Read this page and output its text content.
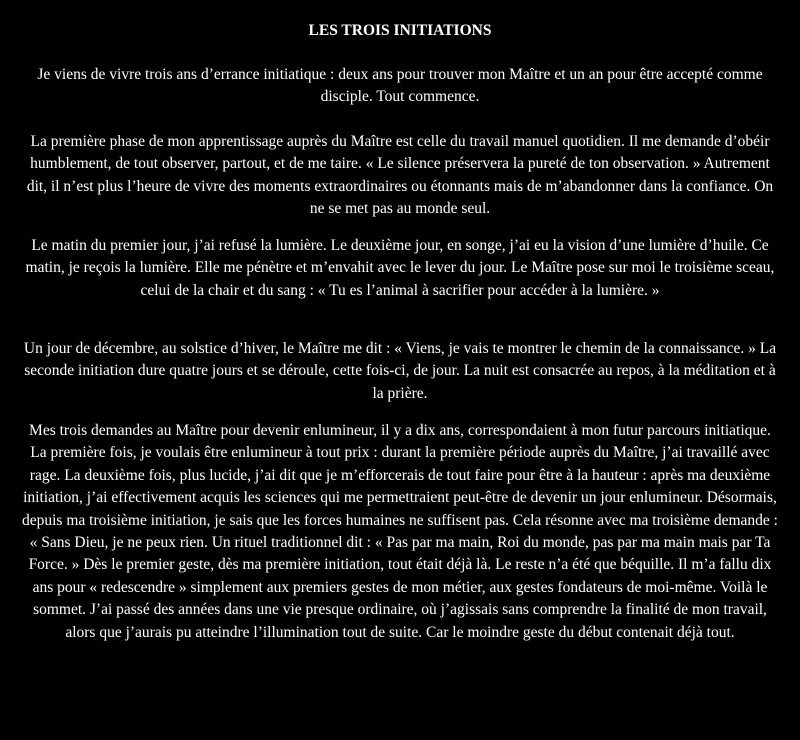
LES TROIS INITIATIONS

Je viens de vivre trois ans d’errance initiatique : deux ans pour trouver mon Maître et un an pour être accepté comme disciple. Tout commence.

La première phase de mon apprentissage auprès du Maître est celle du travail manuel quotidien. Il me demande d’obéir humblement, de tout observer, partout, et de me taire. « Le silence préservera la pureté de ton observation. » Autrement dit, il n’est plus l’heure de vivre des moments extraordinaires ou étonnants mais de m’abandonner dans la confiance. On ne se met pas au monde seul.

Le matin du premier jour, j’ai refusé la lumière. Le deuxième jour, en songe, j’ai eu la vision d’une lumière d’huile. Ce matin, je reçois la lumière. Elle me pénètre et m’envahit avec le lever du jour. Le Maître pose sur moi le troisième sceau, celui de la chair et du sang : « Tu es l’animal à sacrifier pour accéder à la lumière. »

Un jour de décembre, au solstice d’hiver, le Maître me dit : « Viens, je vais te montrer le chemin de la connaissance. » La seconde initiation dure quatre jours et se déroule, cette fois-ci, de jour. La nuit est consacrée au repos, à la méditation et à la prière.

Mes trois demandes au Maître pour devenir enlumineur, il y a dix ans, correspondaient à mon futur parcours initiatique. La première fois, je voulais être enlumineur à tout prix : durant la première période auprès du Maître, j’ai travaillé avec rage. La deuxième fois, plus lucide, j’ai dit que je m’efforcerais de tout faire pour être à la hauteur : après ma deuxième initiation, j’ai effectivement acquis les sciences qui me permettraient peut-être de devenir un jour enlumineur. Désormais, depuis ma troisième initiation, je sais que les forces humaines ne suffisent pas. Cela résonne avec ma troisième demande : « Sans Dieu, je ne peux rien. Un rituel traditionnel dit : « Pas par ma main, Roi du monde, pas par ma main mais par Ta Force. » Dès le premier geste, dès ma première initiation, tout était déjà là. Le reste n’a été que béquille. Il m’a fallu dix ans pour « redescendre » simplement aux premiers gestes de mon métier, aux gestes fondateurs de moi-même. Voilà le sommet. J’ai passé des années dans une vie presque ordinaire, où j’agissais sans comprendre la finalité de mon travail, alors que j’aurais pu atteindre l’illumination tout de suite. Car le moindre geste du début contenait déjà tout.
